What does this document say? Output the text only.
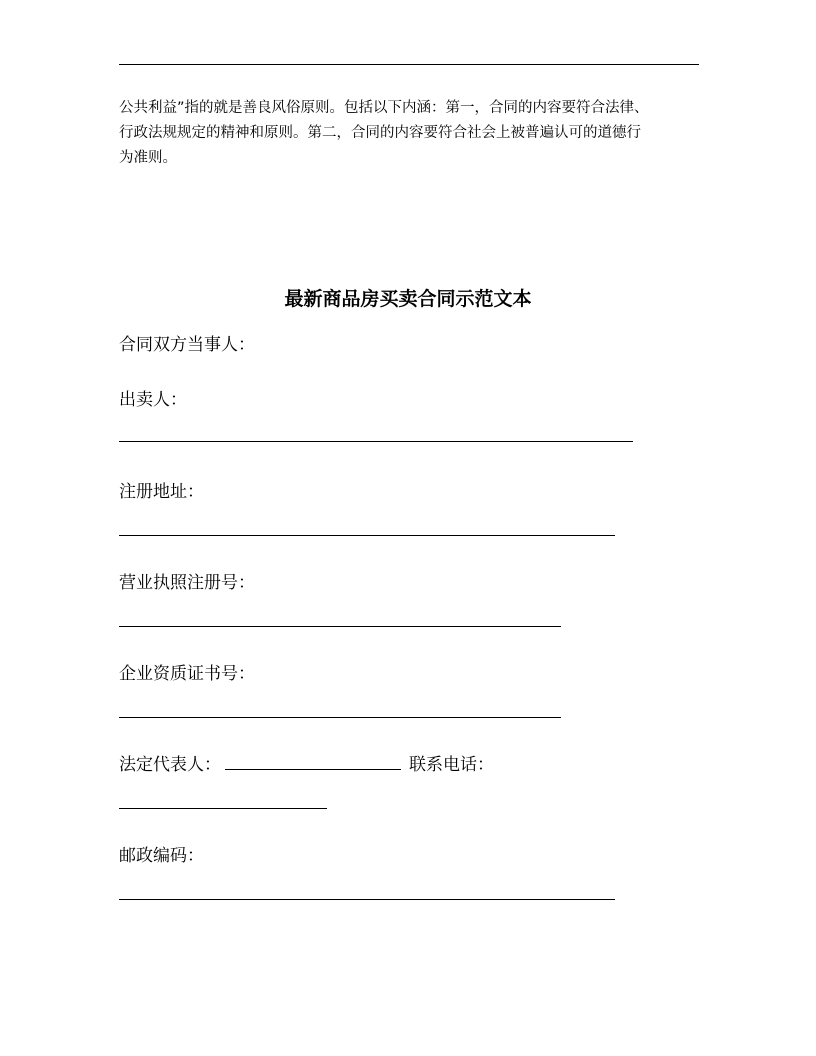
公共利益”指的就是善良风俗原则。包括以下内涵：第一，合同的内容要符合法律、
行政法规规定的精神和原则。第二，合同的内容要符合社会上被普遍认可的道德行
为准则。
最新商品房买卖合同示范文本

合同双方当事人：

出卖人：

注册地址：

营业执照注册号：

企业资质证书号：

法定代表人：	联系电话：

邮政编码：
